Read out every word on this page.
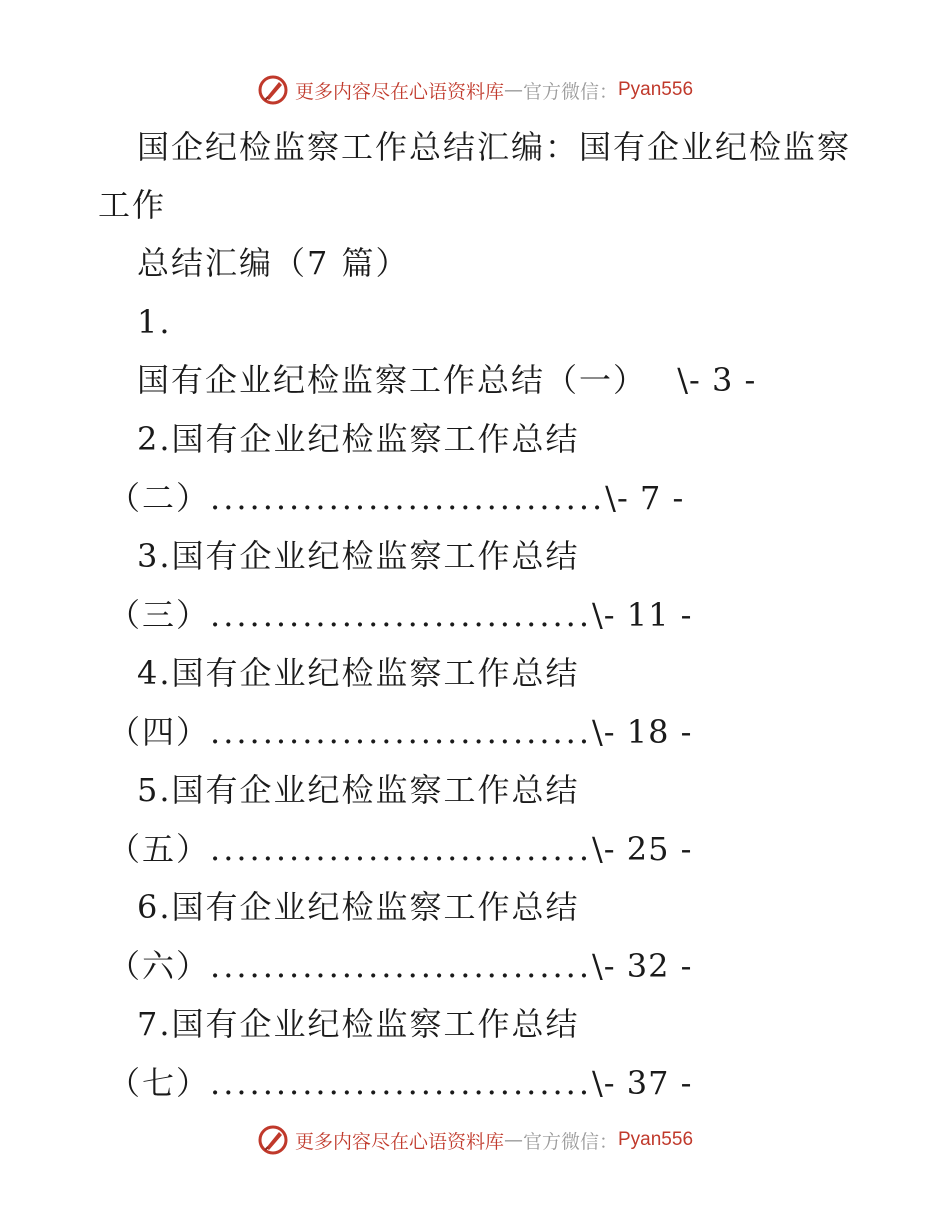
更多内容尽在心语资料库 — 官方微信： Pyan556
国企纪检监察工作总结汇编：国有企业纪检监察
工作
总结汇编（7 篇）
1.
国有企业纪检监察工作总结（一） \- 3 -
2.国有企业纪检监察工作总结
（二）..............................\- 7 -
3.国有企业纪检监察工作总结
（三）.............................\- 11 -
4.国有企业纪检监察工作总结
（四）.............................\- 18 -
5.国有企业纪检监察工作总结
（五）.............................\- 25 -
6.国有企业纪检监察工作总结
（六）.............................\- 32 -
7.国有企业纪检监察工作总结
（七）.............................\- 37 -
更多内容尽在心语资料库 — 官方微信： Pyan556
